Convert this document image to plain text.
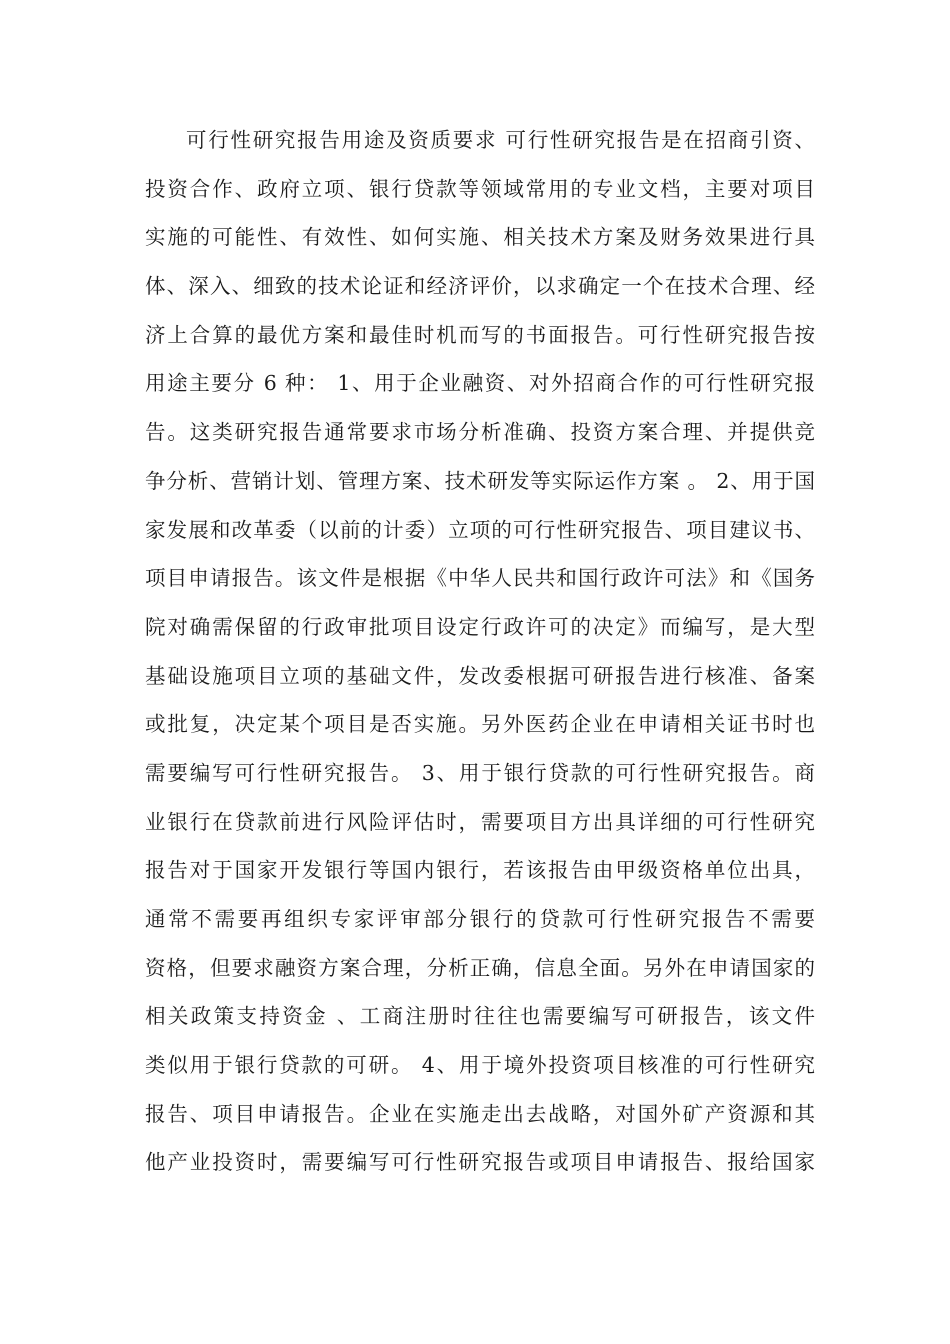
可行性研究报告用途及资质要求 可行性研究报告是在招商引资、
投资合作、政府立项、银行贷款等领域常用的专业文档，主要对项目
实施的可能性、有效性、如何实施、相关技术方案及财务效果进行具
体、深入、细致的技术论证和经济评价，以求确定一个在技术合理、经
济上合算的最优方案和最佳时机而写的书面报告。可行性研究报告按
用途主要分 6 种： 1、用于企业融资、对外招商合作的可行性研究报
告。这类研究报告通常要求市场分析准确、投资方案合理、并提供竞
争分析、营销计划、管理方案、技术研发等实际运作方案 。 2、用于国
家发展和改革委（以前的计委）立项的可行性研究报告、项目建议书、
项目申请报告。该文件是根据《中华人民共和国行政许可法》和《国务
院对确需保留的行政审批项目设定行政许可的决定》而编写，是大型
基础设施项目立项的基础文件，发改委根据可研报告进行核准、备案
或批复，决定某个项目是否实施。另外医药企业在申请相关证书时也
需要编写可行性研究报告。 3、用于银行贷款的可行性研究报告。商
业银行在贷款前进行风险评估时，需要项目方出具详细的可行性研究
报告对于国家开发银行等国内银行，若该报告由甲级资格单位出具，
通常不需要再组织专家评审部分银行的贷款可行性研究报告不需要
资格，但要求融资方案合理，分析正确，信息全面。另外在申请国家的
相关政策支持资金 、工商注册时往往也需要编写可研报告，该文件
类似用于银行贷款的可研。 4、用于境外投资项目核准的可行性研究
报告、项目申请报告。企业在实施走出去战略，对国外矿产资源和其
他产业投资时，需要编写可行性研究报告或项目申请报告、报给国家
